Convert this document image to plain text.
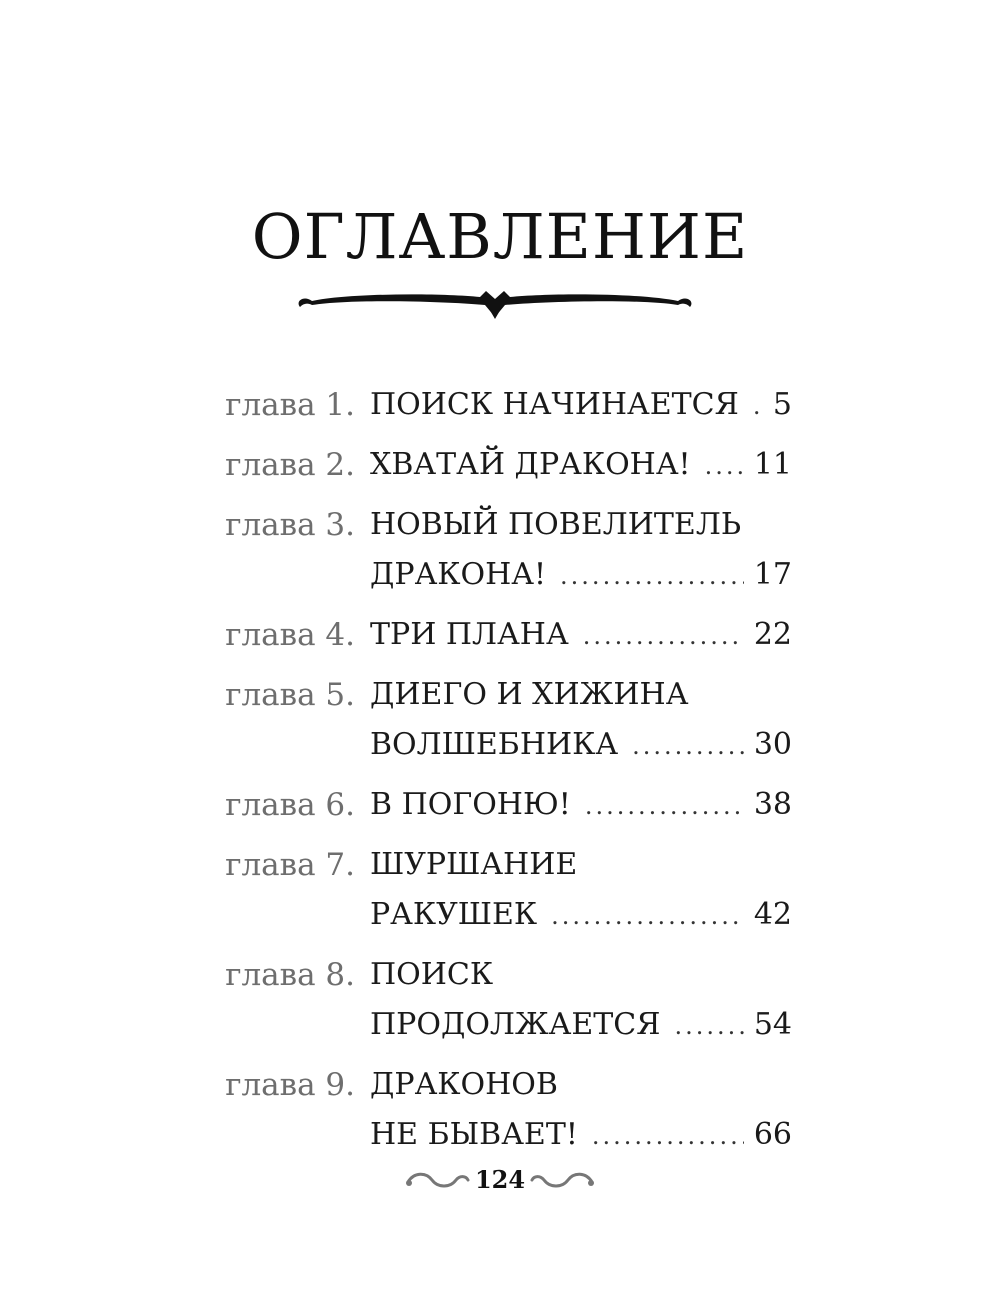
ОГЛАВЛЕНИЕ
глава 1. ПОИСК НАЧИНАЕТСЯ ..... 5
глава 2. ХВАТАЙ ДРАКОНА! ..... 11
глава 3. НОВЫЙ ПОВЕЛИТЕЛЬ
ДРАКОНА! .....	17
глава 4. ТРИ ПЛАНА .....	22
глава 5. ДИЕГО И ХИЖИНА
ВОЛШЕБНИКА .....	30
глава 6. В ПОГОНЮ! .....	38
глава 7. ШУРШАНИЕ
РАКУШЕК .....	42
глава 8. ПОИСК
ПРОДОЛЖАЕТСЯ .....	54
глава 9. ДРАКОНОВ
НЕ БЫВАЕТ! .....	66
124
